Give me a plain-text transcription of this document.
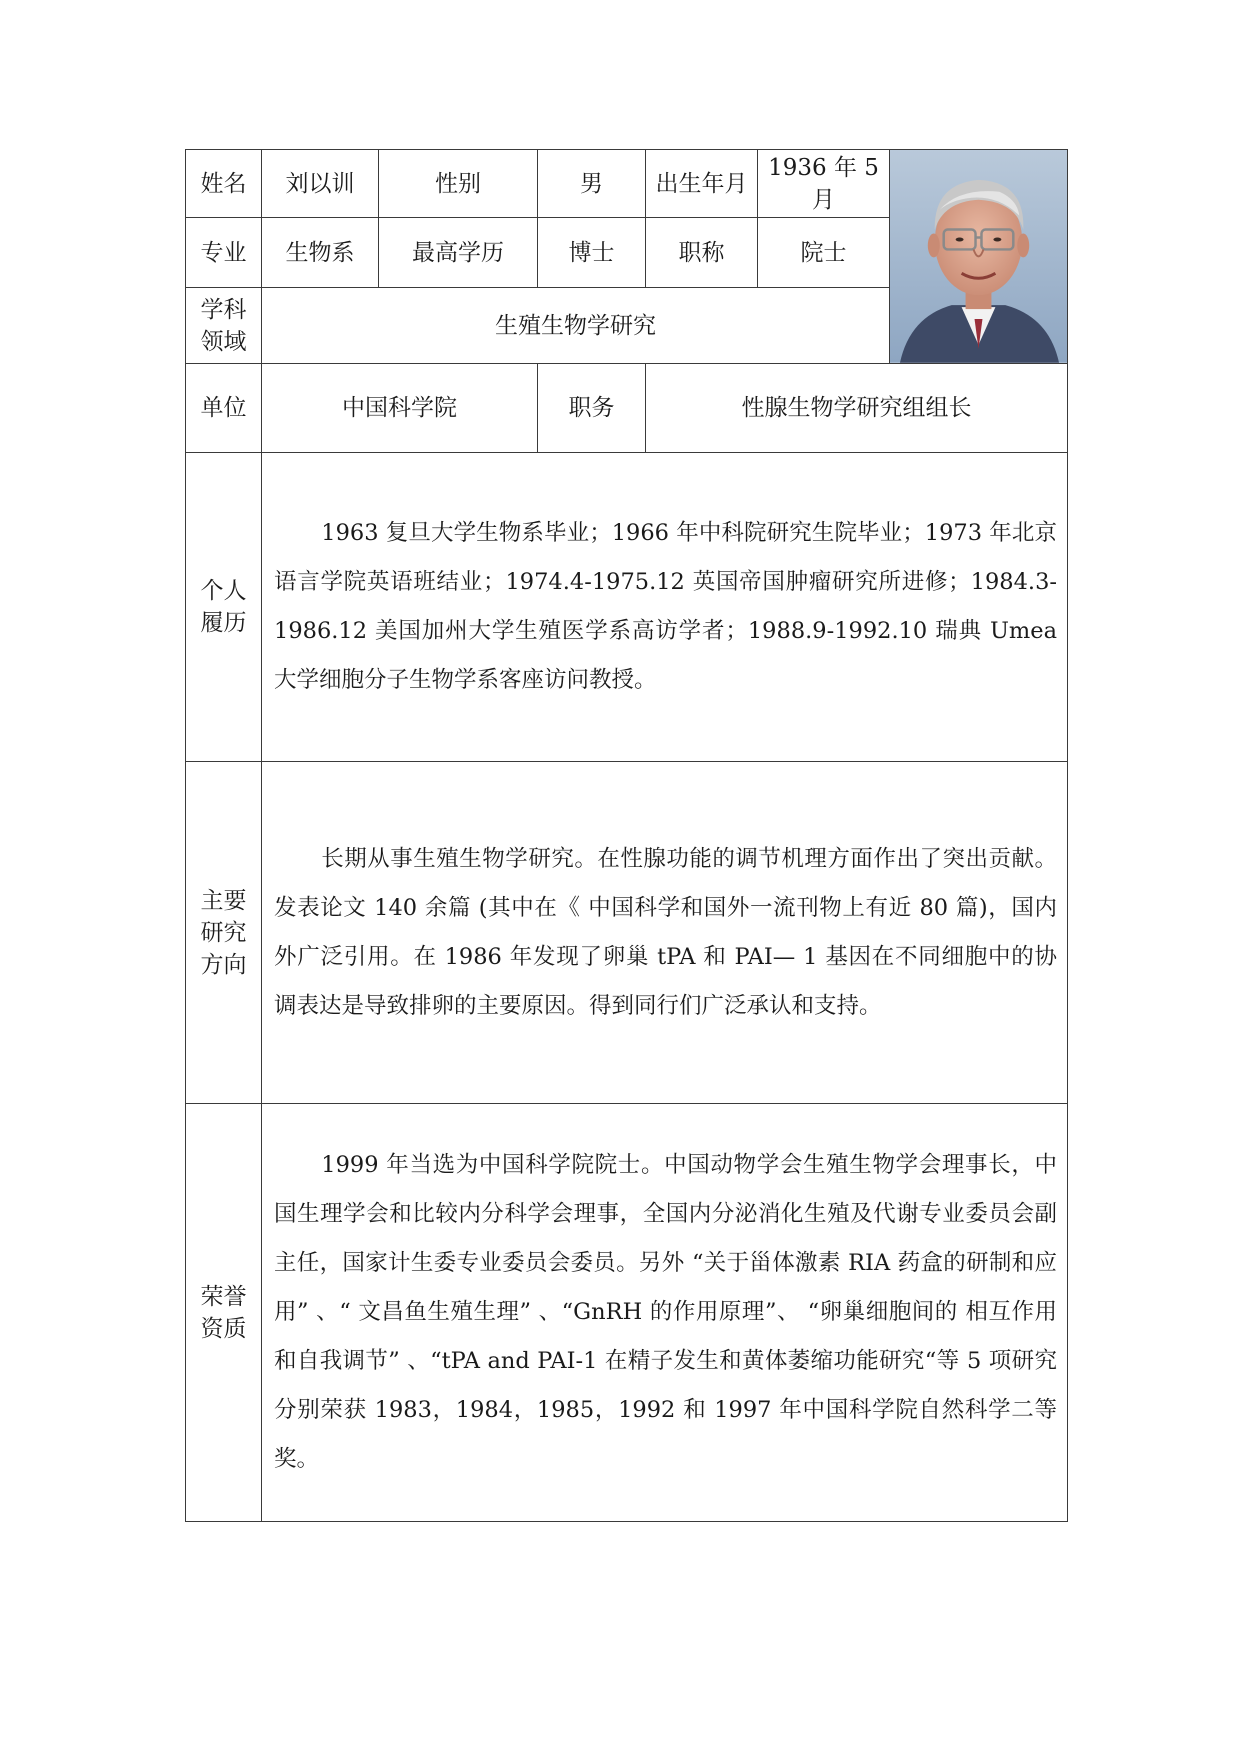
姓名	刘以训	性别	男	出生年月	1936 年 5 月	

专业	生物系	最高学历	博士	职称	院士	

学科
领域	生殖生物学研究					
单位	中国科学院		职务	性腺生物学研究组组长		

个人
履历	1963 复旦大学生物系毕业；1966 年中科院研究生院毕业；1973 年北京语言学院英语班结业；1974.4-1975.12 英国帝国肿瘤研究所进修；1984.3-1986.12 美国加州大学生殖医学系高访学者；1988.9-1992.10 瑞典 Umea 大学细胞分子生物学系客座访问教授。					

主要
研究
方向	长期从事生殖生物学研究。在性腺功能的调节机理方面作出了突出贡献。发表论文 140 余篇 (其中在《 中国科学和国外一流刊物上有近 80 篇)，国内外广泛引用。在 1986 年发现了卵巢 tPA 和 PAI— 1 基因在不同细胞中的协调表达是导致排卵的主要原因。得到同行们广泛承认和支持。					

荣誉
资质	1999 年当选为中国科学院院士。中国动物学会生殖生物学会理事长，中国生理学会和比较内分科学会理事，全国内分泌消化生殖及代谢专业委员会副主任，国家计生委专业委员会委员。另外 “关于甾体激素 RIA 药盒的研制和应用” 、“ 文昌鱼生殖生理” 、“GnRH 的作用原理”、 “卵巢细胞间的 相互作用和自我调节” 、“tPA and PAI-1 在精子发生和黄体萎缩功能研究“等 5 项研究分别荣获 1983，1984，1985，1992 和 1997 年中国科学院自然科学二等奖。					
